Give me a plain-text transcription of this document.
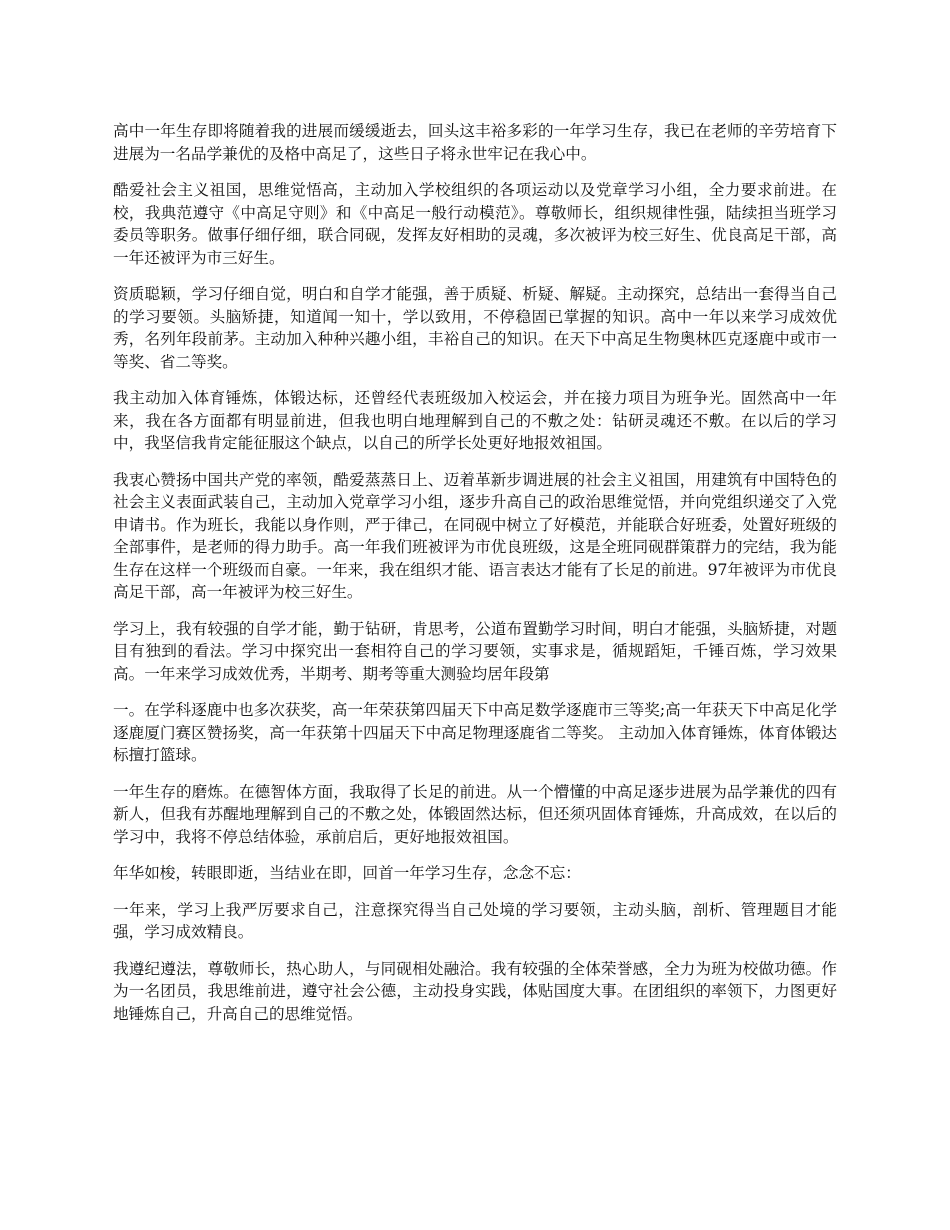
高中一年生存即将随着我的进展而缓缓逝去，回头这丰裕多彩的一年学习生存，我已在老师的辛劳培育下进展为一名品学兼优的及格中高足了，这些日子将永世牢记在我心中。

酷爱社会主义祖国，思维觉悟高，主动加入学校组织的各项运动以及党章学习小组，全力要求前进。在校，我典范遵守《中高足守则》和《中高足一般行动模范》。尊敬师长，组织规律性强，陆续担当班学习委员等职务。做事仔细仔细，联合同砚，发挥友好相助的灵魂，多次被评为校三好生、优良高足干部，高一年还被评为市三好生。

资质聪颖，学习仔细自觉，明白和自学才能强，善于质疑、析疑、解疑。主动探究，总结出一套得当自己的学习要领。头脑矫捷，知道闻一知十，学以致用，不停稳固已掌握的知识。高中一年以来学习成效优秀，名列年段前茅。主动加入种种兴趣小组，丰裕自己的知识。在天下中高足生物奥林匹克逐鹿中或市一等奖、省二等奖。

我主动加入体育锤炼，体锻达标，还曾经代表班级加入校运会，并在接力项目为班争光。固然高中一年来，我在各方面都有明显前进，但我也明白地理解到自己的不敷之处：钻研灵魂还不敷。在以后的学习中，我坚信我肯定能征服这个缺点，以自己的所学长处更好地报效祖国。

我衷心赞扬中国共产党的率领，酷爱蒸蒸日上、迈着革新步调进展的社会主义祖国，用建筑有中国特色的社会主义表面武装自己，主动加入党章学习小组，逐步升高自己的政治思维觉悟，并向党组织递交了入党申请书。作为班长，我能以身作则，严于律己，在同砚中树立了好模范，并能联合好班委，处置好班级的全部事件，是老师的得力助手。高一年我们班被评为市优良班级，这是全班同砚群策群力的完结，我为能生存在这样一个班级而自豪。一年来，我在组织才能、语言表达才能有了长足的前进。97年被评为市优良高足干部，高一年被评为校三好生。

学习上，我有较强的自学才能，勤于钻研，肯思考，公道布置勤学习时间，明白才能强，头脑矫捷，对题目有独到的看法。学习中探究出一套相符自己的学习要领，实事求是，循规蹈矩，千锤百炼，学习效果高。一年来学习成效优秀，半期考、期考等重大测验均居年段第

一。在学科逐鹿中也多次获奖，高一年荣获第四届天下中高足数学逐鹿市三等奖;高一年获天下中高足化学逐鹿厦门赛区赞扬奖，高一年获第十四届天下中高足物理逐鹿省二等奖。 主动加入体育锤炼，体育体锻达标擅打篮球。

一年生存的磨炼。在德智体方面，我取得了长足的前进。从一个懵懂的中高足逐步进展为品学兼优的四有新人，但我有苏醒地理解到自己的不敷之处，体锻固然达标，但还须巩固体育锤炼，升高成效，在以后的学习中，我将不停总结体验，承前启后，更好地报效祖国。

年华如梭，转眼即逝，当结业在即，回首一年学习生存，念念不忘：

一年来，学习上我严厉要求自己，注意探究得当自己处境的学习要领，主动头脑，剖析、管理题目才能强，学习成效精良。

我遵纪遵法，尊敬师长，热心助人，与同砚相处融洽。我有较强的全体荣誉感，全力为班为校做功德。作为一名团员，我思维前进，遵守社会公德，主动投身实践，体贴国度大事。在团组织的率领下，力图更好地锤炼自己，升高自己的思维觉悟。
